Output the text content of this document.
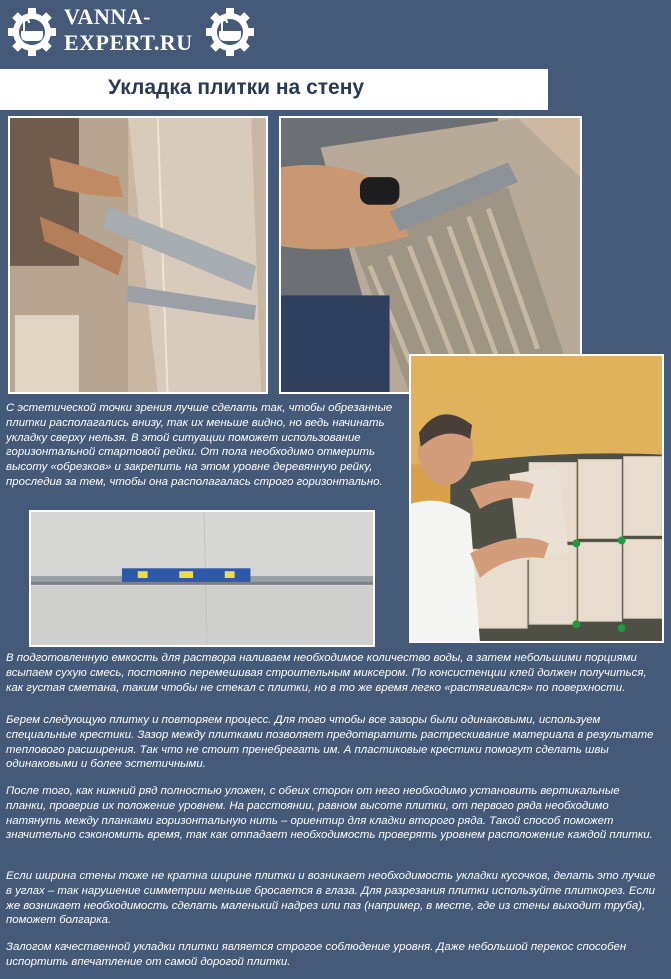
VANNA-
EXPERT.RU
Укладка плитки на стену

С эстетической точки зрения лучше сделать так, чтобы обрезанные плитки располагались внизу, так их меньше видно, но ведь начинать укладку сверху нельзя. В этой ситуации поможет использование горизонтальной стартовой рейки. От пола необходимо отмерить высоту «обрезков» и закрепить на этом уровне деревянную рейку, проследив за тем, чтобы она располагалась строго горизонтально.

В подготовленную емкость для раствора наливаем необходимое количество воды, а затем небольшими порциями всыпаем сухую смесь, постоянно перемешивая строительным миксером. По консистенции клей должен получиться, как густая сметана, таким чтобы не стекал с плитки, но в то же время легко «растягивался» по поверхности.

Берем следующую плитку и повторяем процесс. Для того чтобы все зазоры были одинаковыми, используем специальные крестики. Зазор между плитками позволяет предотвратить растрескивание материала в результате теплового расширения. Так что не стоит пренебрегать им. А пластиковые крестики помогут сделать швы одинаковыми и более эстетичными.

После того, как нижний ряд полностью уложен, с обеих сторон от него необходимо установить вертикальные планки, проверив их положение уровнем. На расстоянии, равном высоте плитки, от первого ряда необходимо натянуть между планками горизонтальную нить – ориентир для кладки второго ряда. Такой способ поможет значительно сэкономить время, так как отпадает необходимость проверять уровнем расположение каждой плитки.

Если ширина стены тоже не кратна ширине плитки и возникает необходимость укладки кусочков, делать это лучше в углах – так нарушение симметрии меньше бросается в глаза. Для разрезания плитки используйте плиткорез. Если же возникает необходимость сделать маленький надрез или паз (например, в месте, где из стены выходит труба), поможет болгарка.

Залогом качественной укладки плитки является строгое соблюдение уровня. Даже небольшой перекос способен испортить впечатление от самой дорогой плитки.
